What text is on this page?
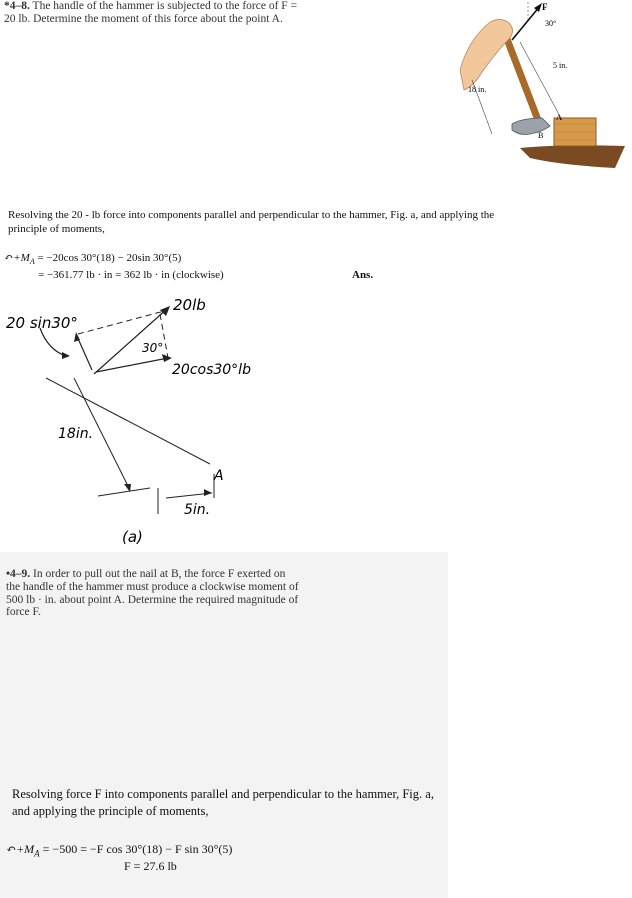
*4–8. The handle of the hammer is subjected to the force of F = 20 lb. Determine the moment of this force about the point A.
F
30°
5 in.
18 in.
A
B
Resolving the 20 - lb force into components parallel and perpendicular to the hammer, Fig. a, and applying the principle of moments,
$↶+M_A = -20\cos$ 30°(18) − 20sin 30°(5)
= −361.77 lb · in = 362 lb · in (clockwise)	Ans.
20lb
20 sin30°
30°
20cos30°lb
18in.
A
5in.
(a)
•4–9. In order to pull out the nail at B, the force F exerted on the handle of the hammer must produce a clockwise moment of 500 lb · in. about point A. Determine the required magnitude of force F.
Resolving force F into components parallel and perpendicular to the hammer, Fig. a, and applying the principle of moments,
$↶+M_A = -500 = -F$ cos 30°(18) − F sin 30°(5)
F = 27.6 lb
